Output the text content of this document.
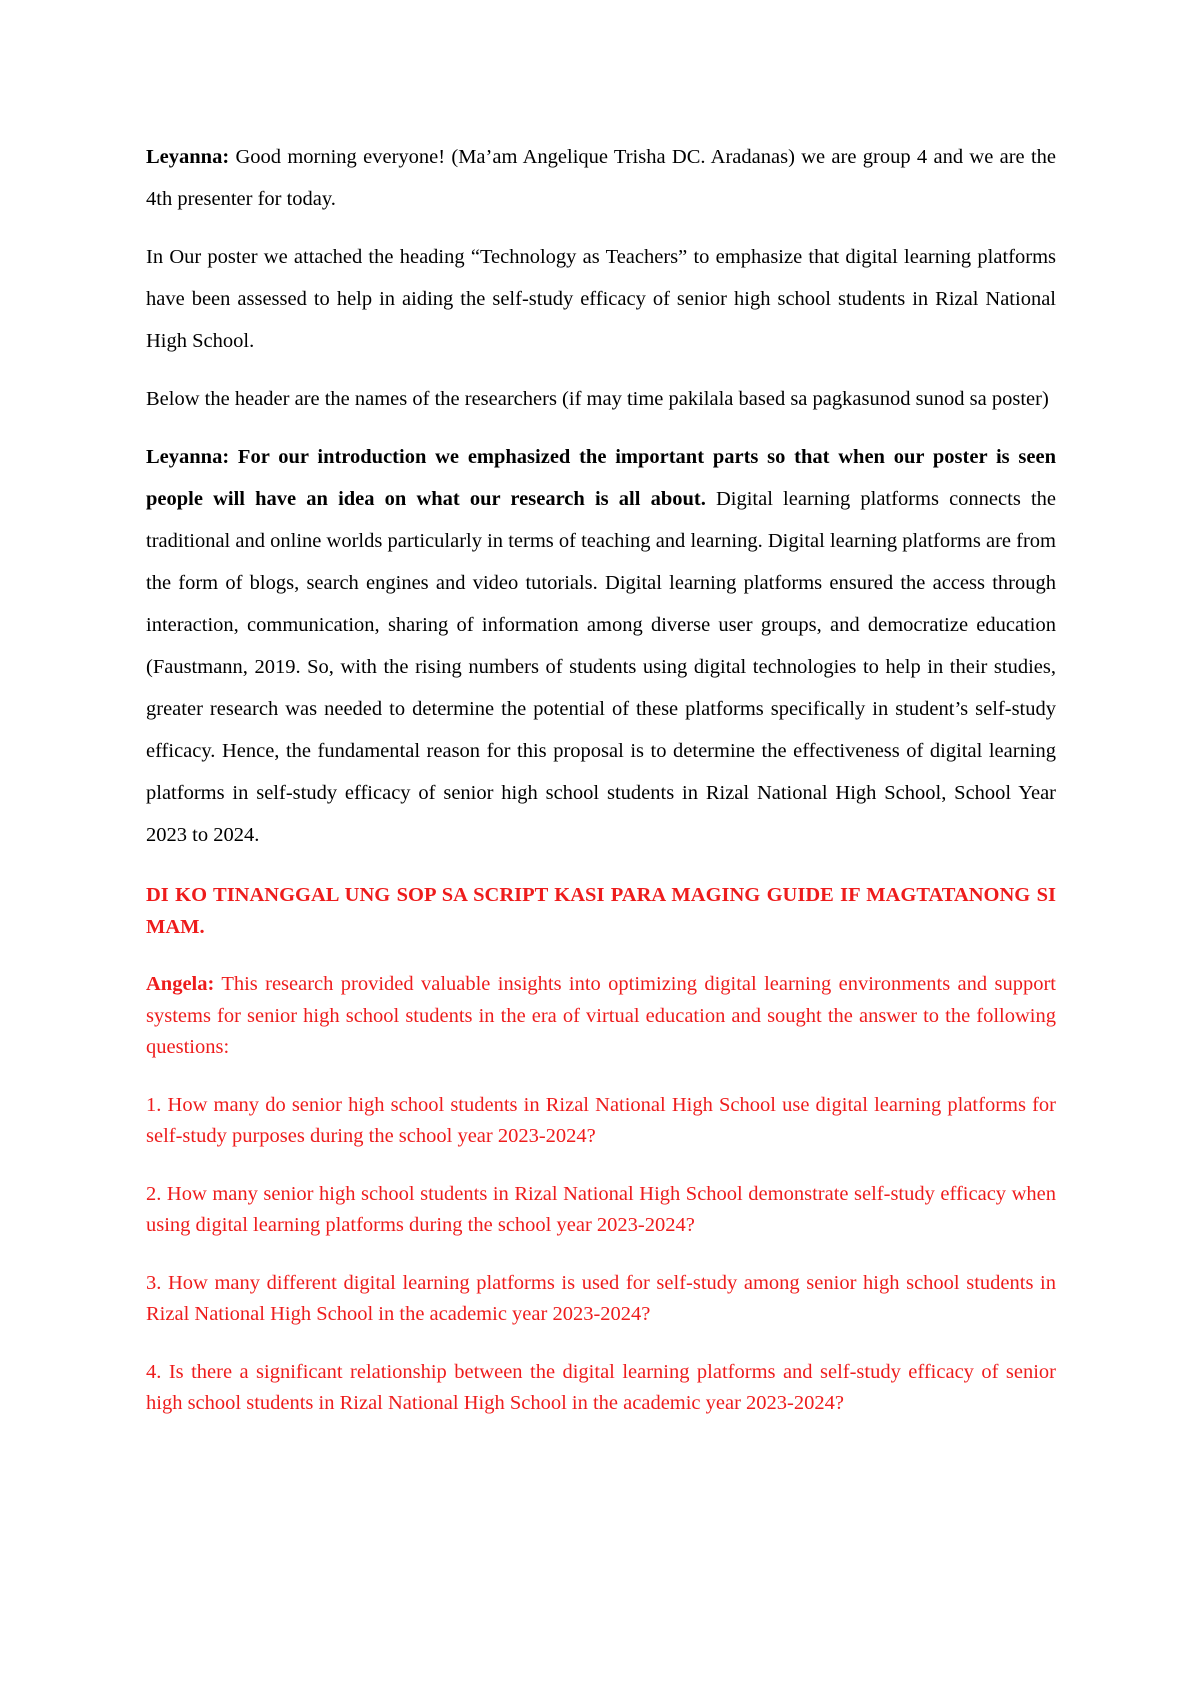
Leyanna: Good morning everyone! (Ma’am Angelique Trisha DC. Aradanas) we are group 4 and we are the 4th presenter for today.

In Our poster we attached the heading “Technology as Teachers” to emphasize that digital learning platforms have been assessed to help in aiding the self-study efficacy of senior high school students in Rizal National High School.

Below the header are the names of the researchers (if may time pakilala based sa pagkasunod sunod sa poster)

Leyanna: For our introduction we emphasized the important parts so that when our poster is seen people will have an idea on what our research is all about. Digital learning platforms connects the traditional and online worlds particularly in terms of teaching and learning. Digital learning platforms are from the form of blogs, search engines and video tutorials. Digital learning platforms ensured the access through interaction, communication, sharing of information among diverse user groups, and democratize education (Faustmann, 2019. So, with the rising numbers of students using digital technologies to help in their studies, greater research was needed to determine the potential of these platforms specifically in student’s self-study efficacy. Hence, the fundamental reason for this proposal is to determine the effectiveness of digital learning platforms in self-study efficacy of senior high school students in Rizal National High School, School Year 2023 to 2024.

DI KO TINANGGAL UNG SOP SA SCRIPT KASI PARA MAGING GUIDE IF MAGTATANONG SI MAM.

Angela: This research provided valuable insights into optimizing digital learning environments and support systems for senior high school students in the era of virtual education and sought the answer to the following questions:

1. How many do senior high school students in Rizal National High School use digital learning platforms for self-study purposes during the school year 2023-2024?

2. How many senior high school students in Rizal National High School demonstrate self-study efficacy when using digital learning platforms during the school year 2023-2024?

3. How many different digital learning platforms is used for self-study among senior high school students in Rizal National High School in the academic year 2023-2024?

4. Is there a significant relationship between the digital learning platforms and self-study efficacy of senior high school students in Rizal National High School in the academic year 2023-2024?
